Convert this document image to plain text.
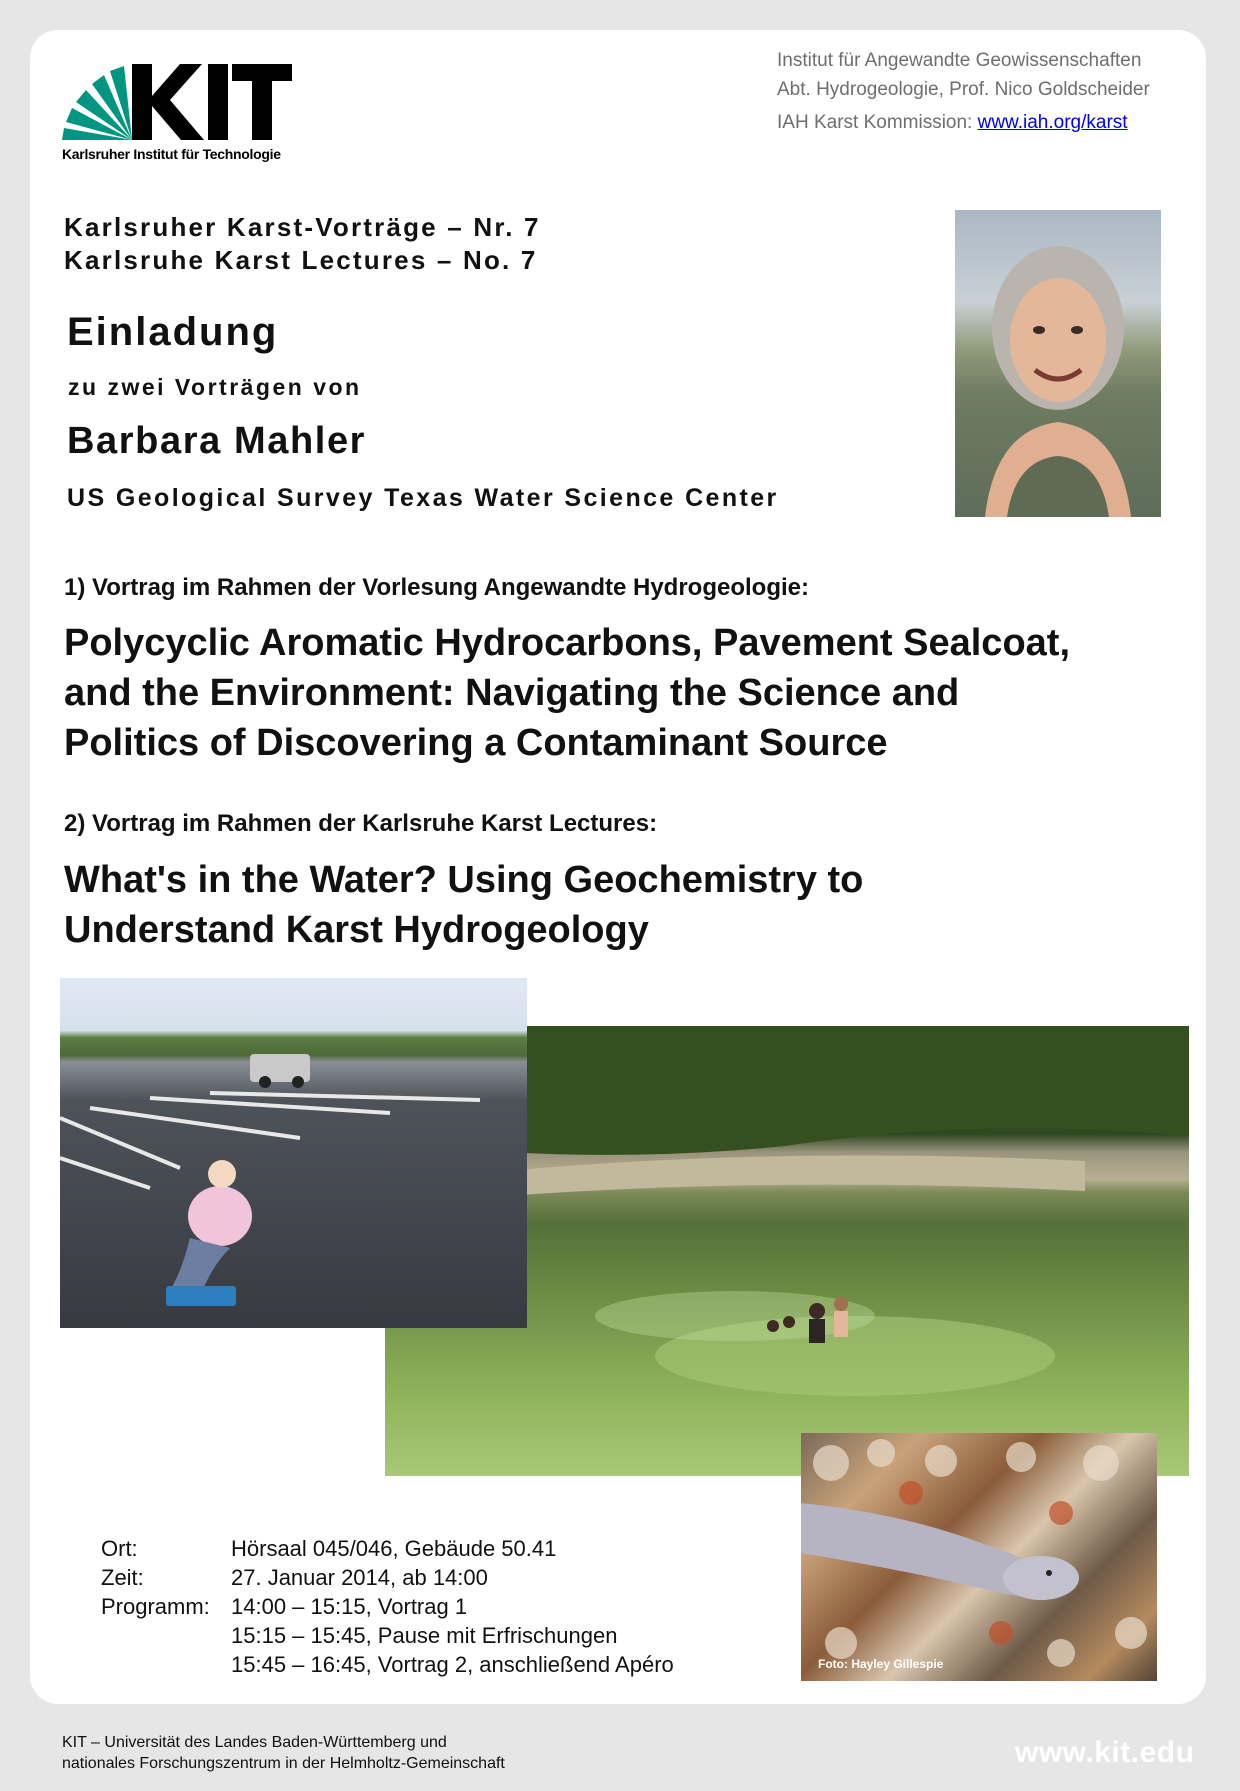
Karlsruher Institut für Technologie
Institut für Angewandte Geowissenschaften
Abt. Hydrogeologie, Prof. Nico Goldscheider
IAH Karst Kommission: www.iah.org/karst
Karlsruher Karst-Vorträge – Nr. 7
Karlsruhe Karst Lectures – No. 7
Einladung
zu zwei Vorträgen von
Barbara Mahler
US Geological Survey Texas Water Science Center
1) Vortrag im Rahmen der Vorlesung Angewandte Hydrogeologie:
Polycyclic Aromatic Hydrocarbons, Pavement Sealcoat,
and the Environment: Navigating the Science and
Politics of Discovering a Contaminant Source
2) Vortrag im Rahmen der Karlsruhe Karst Lectures:
What's in the Water? Using Geochemistry to
Understand Karst Hydrogeology
Foto: Hayley Gillespie
Ort:	Hörsaal 045/046, Gebäude 50.41
Zeit:	27. Januar 2014, ab 14:00
Programm: 14:00 – 15:15, Vortrag 1
15:15 – 15:45, Pause mit Erfrischungen
15:45 – 16:45, Vortrag 2, anschließend Apéro
KIT – Universität des Landes Baden-Württemberg und
nationales Forschungszentrum in der Helmholtz-Gemeinschaft	www.kit.edu
